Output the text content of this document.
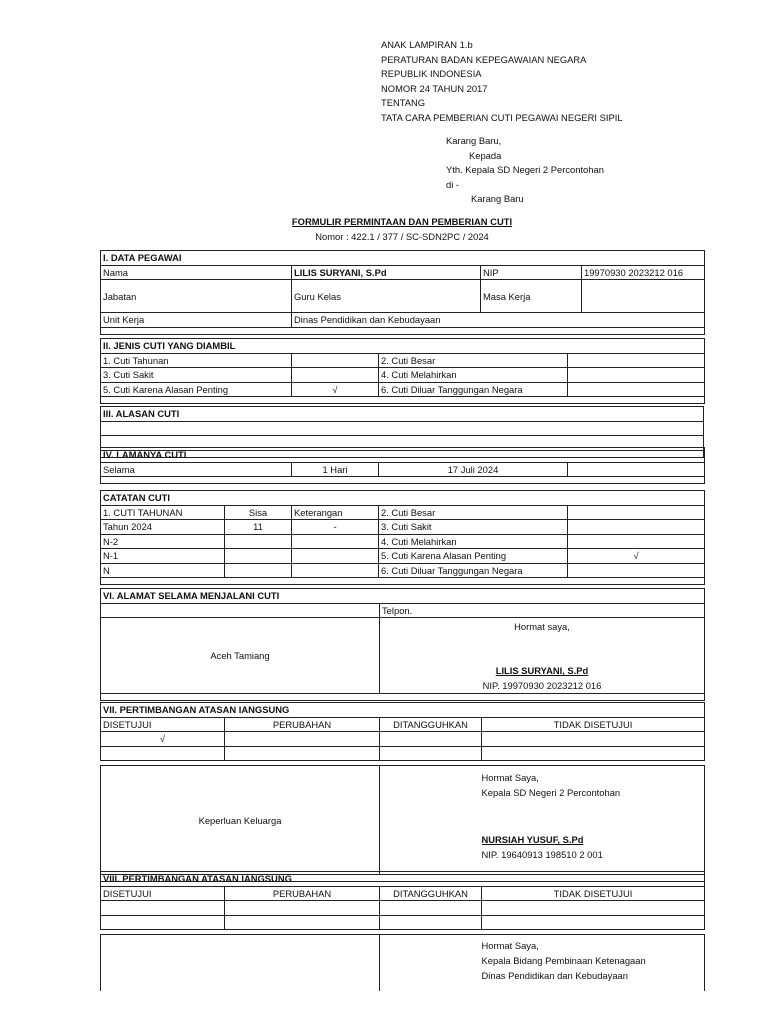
ANAK LAMPIRAN 1.b
PERATURAN BADAN KEPEGAWAIAN NEGARA
REPUBLIK INDONESIA
NOMOR 24 TAHUN 2017
TENTANG
TATA CARA PEMBERIAN CUTI PEGAWAI NEGERI SIPIL
Karang Baru,
Kepada
Yth. Kepala SD Negeri 2 Percontohan
di -
Karang Baru
FORMULIR PERMINTAAN DAN PEMBERIAN CUTI
Nomor : 422.1 / 377 / SC-SDN2PC / 2024
I. DATA PEGAWAI			
Nama	LILIS SURYANI, S.Pd	NIP	19970930 2023212 016
Jabatan	Guru Kelas	Masa Kerja	
Unit Kerja	Dinas Pendidikan dan Kebudayaan		

II. JENIS CUTI YANG DIAMBIL			
1. Cuti Tahunan		2. Cuti Besar	
3. Cuti Sakit		4. Cuti Melahirkan	
5. Cuti Karena Alasan Penting	√	6. Cuti Diluar Tanggungan Negara	

III. ALASAN CUTI

IV. LAMANYA CUTI
Selama	1 Hari	17 Juli 2024	

CATATAN CUTI				
1. CUTI TAHUNAN	Sisa	Keterangan	2. Cuti Besar	
Tahun 2024	11	-	3. Cuti Sakit	
N-2			4. Cuti Melahirkan	
N-1			5. Cuti Karena Alasan Penting	√
N			6. Cuti Diluar Tanggungan Negara	

VI. ALAMAT SELAMA MENJALANI CUTI	
	Telpon.
Aceh Tamiang	Hormat saya,
LILIS SURYANI, S.Pd
NIP. 19970930 2023212 016

VII. PERTIMBANGAN ATASAN IANGSUNG			
DISETUJUI	PERUBAHAN	DITANGGUHKAN	TIDAK DISETUJUI
√			

Keperluan Keluarga			Hormat Saya,
Kepala SD Negeri 2 Percontohan
NURSIAH YUSUF, S.Pd
NIP. 19640913 198510 2 001

VIII. PERTIMBANGAN ATASAN IANGSUNG			
DISETUJUI	PERUBAHAN	DITANGGUHKAN	TIDAK DISETUJUI

			Hormat Saya,
Kepala Bidang Pembinaan Ketenagaan
Dinas Pendidikan dan Kebudayaan
